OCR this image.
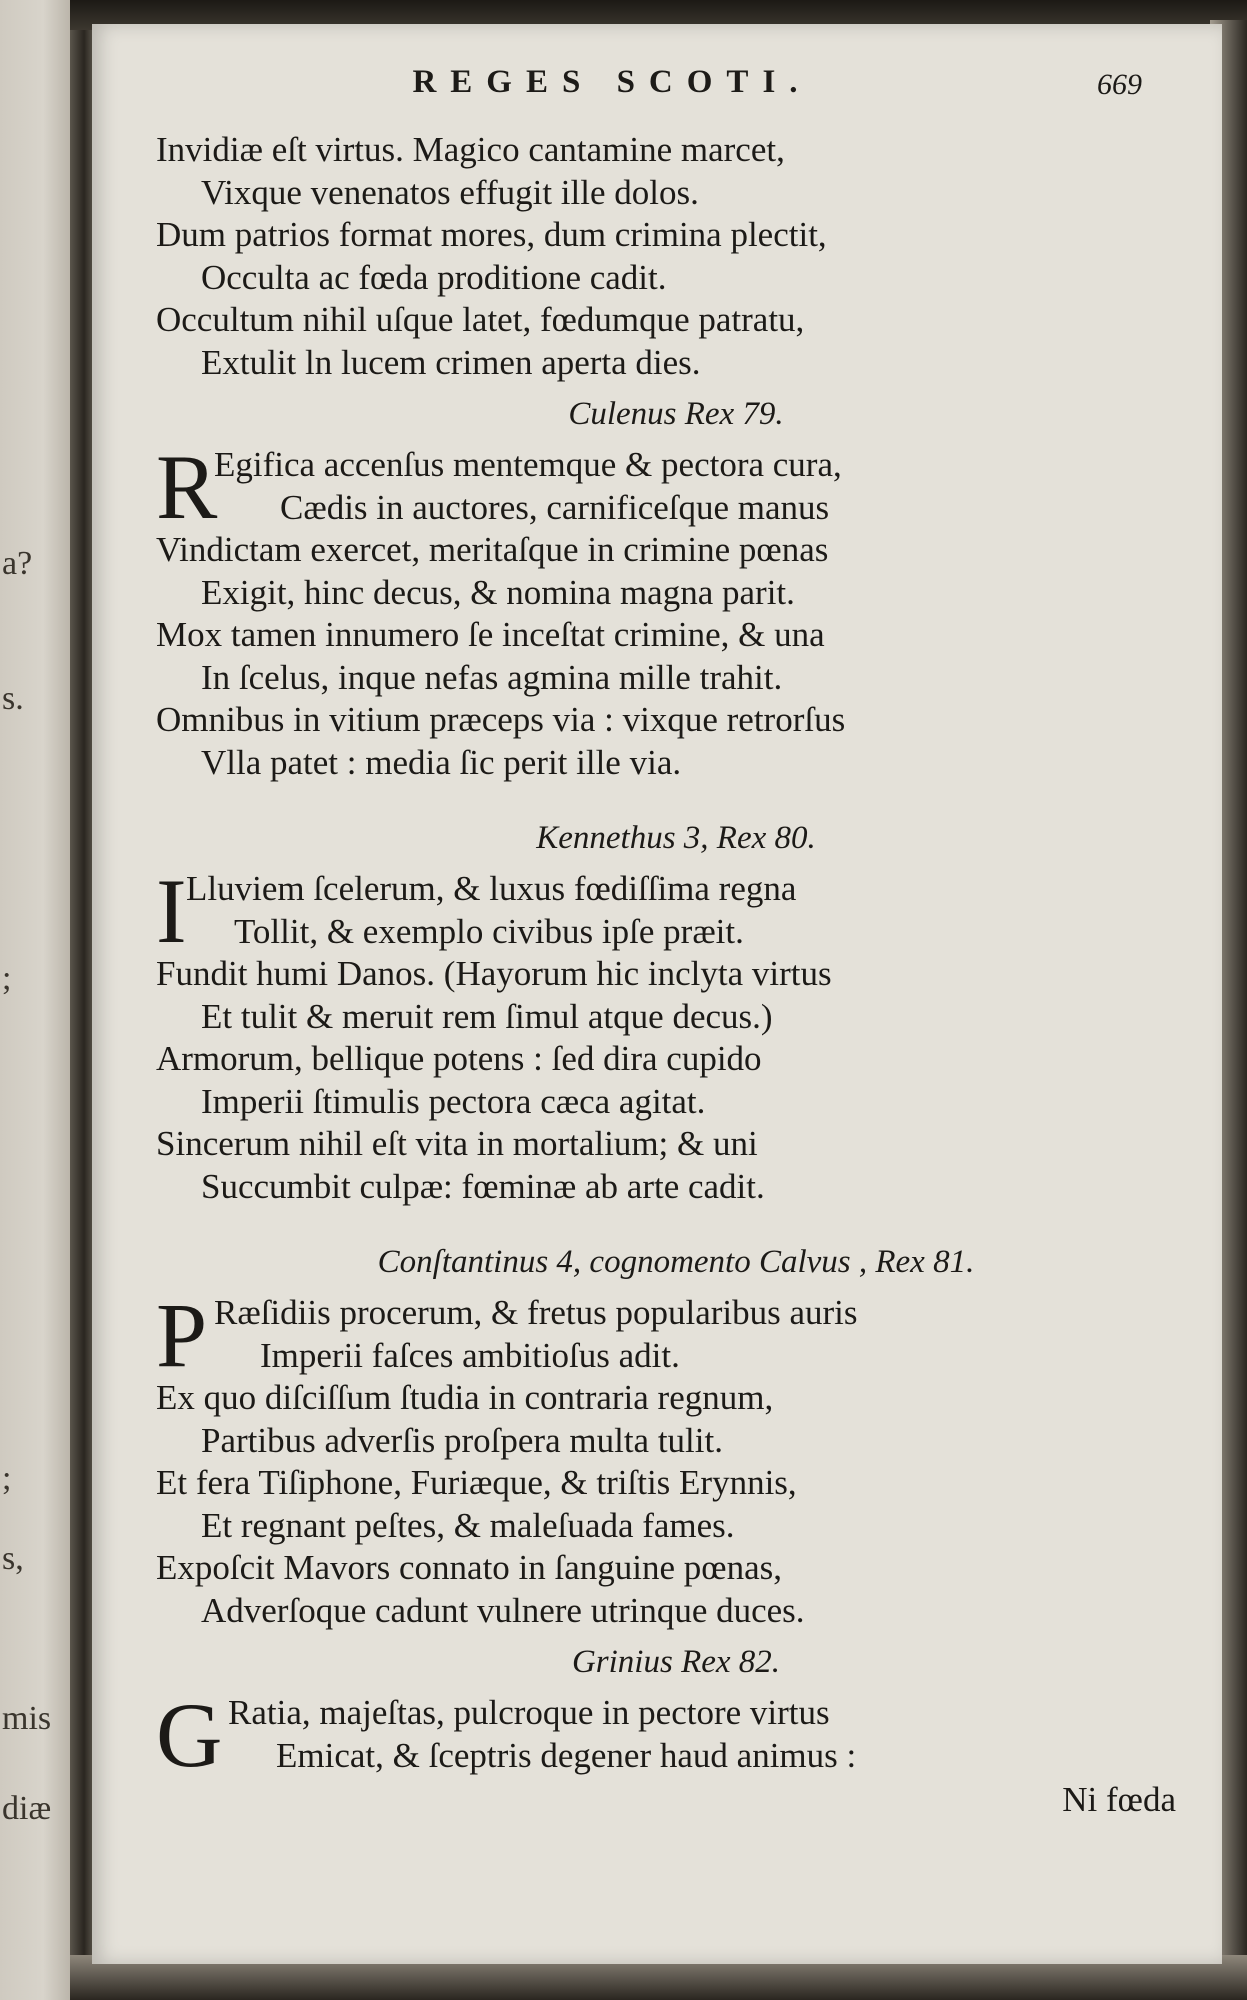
a?
s.
;
;
s,
mis
diæ
REGES SCOTI.	669
Invidiæ eſt virtus. Magico cantamine marcet,
Vixque venenatos effugit ille dolos.
Dum patrios format mores, dum crimina plectit,
Occulta ac fœda proditione cadit.
Occultum nihil uſque latet, fœdumque patratu,
Extulit ln lucem crimen aperta dies.
Culenus Rex 79.
R
Egifica accenſus mentemque & pectora cura,
Cædis in auctores, carnificeſque manus
Vindictam exercet, meritaſque in crimine pœnas
Exigit, hinc decus, & nomina magna parit.
Mox tamen innumero ſe inceſtat crimine, & una
In ſcelus, inque nefas agmina mille trahit.
Omnibus in vitium præceps via : vixque retrorſus
Vlla patet : media ſic perit ille via.
Kennethus 3, Rex 80.
I Lluviem ſcelerum, & luxus fœdiſſima regna
Tollit, & exemplo civibus ipſe præit.
Fundit humi Danos. (Hayorum hic inclyta virtus
Et tulit & meruit rem ſimul atque decus.)
Armorum, bellique potens : ſed dira cupido
Imperii ſtimulis pectora cæca agitat.
Sincerum nihil eſt vita in mortalium; & uni
Succumbit culpæ: fœminæ ab arte cadit.
Conſtantinus 4, cognomento Calvus , Rex 81.
P Ræſidiis procerum, & fretus popularibus auris
Imperii faſces ambitioſus adit.
Ex quo diſciſſum ſtudia in contraria regnum,
Partibus adverſis proſpera multa tulit.
Et fera Tiſiphone, Furiæque, & triſtis Erynnis,
Et regnant peſtes, & maleſuada fames.
Expoſcit Mavors connato in ſanguine pœnas,
Adverſoque cadunt vulnere utrinque duces.
Grinius Rex 82.
G Ratia, majeſtas, pulcroque in pectore virtus
Emicat, & ſceptris degener haud animus :
Ni fœda
